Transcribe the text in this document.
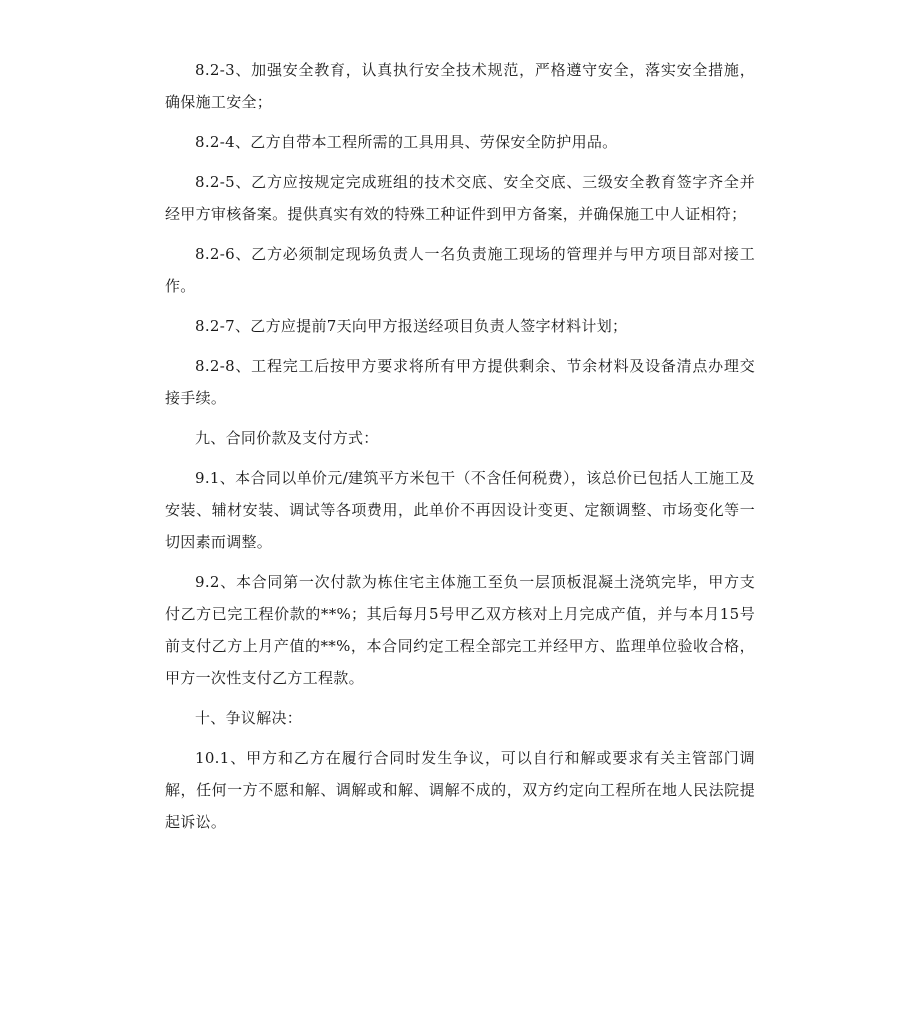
8.2-3、加强安全教育，认真执行安全技术规范，严格遵守安全，落实安全措施，确保施工安全；

8.2-4、乙方自带本工程所需的工具用具、劳保安全防护用品。

8.2-5、乙方应按规定完成班组的技术交底、安全交底、三级安全教育签字齐全并经甲方审核备案。提供真实有效的特殊工种证件到甲方备案，并确保施工中人证相符；

8.2-6、乙方必须制定现场负责人一名负责施工现场的管理并与甲方项目部对接工作。

8.2-7、乙方应提前7天向甲方报送经项目负责人签字材料计划；

8.2-8、工程完工后按甲方要求将所有甲方提供剩余、节余材料及设备清点办理交接手续。

九、合同价款及支付方式：

9.1、本合同以单价元/建筑平方米包干（不含任何税费），该总价已包括人工施工及安装、辅材安装、调试等各项费用，此单价不再因设计变更、定额调整、市场变化等一切因素而调整。

9.2、本合同第一次付款为栋住宅主体施工至负一层顶板混凝土浇筑完毕，甲方支付乙方已完工程价款的**%；其后每月5号甲乙双方核对上月完成产值，并与本月15号前支付乙方上月产值的**%，本合同约定工程全部完工并经甲方、监理单位验收合格，甲方一次性支付乙方工程款。

十、争议解决：

10.1、甲方和乙方在履行合同时发生争议，可以自行和解或要求有关主管部门调解，任何一方不愿和解、调解或和解、调解不成的，双方约定向工程所在地人民法院提起诉讼。
